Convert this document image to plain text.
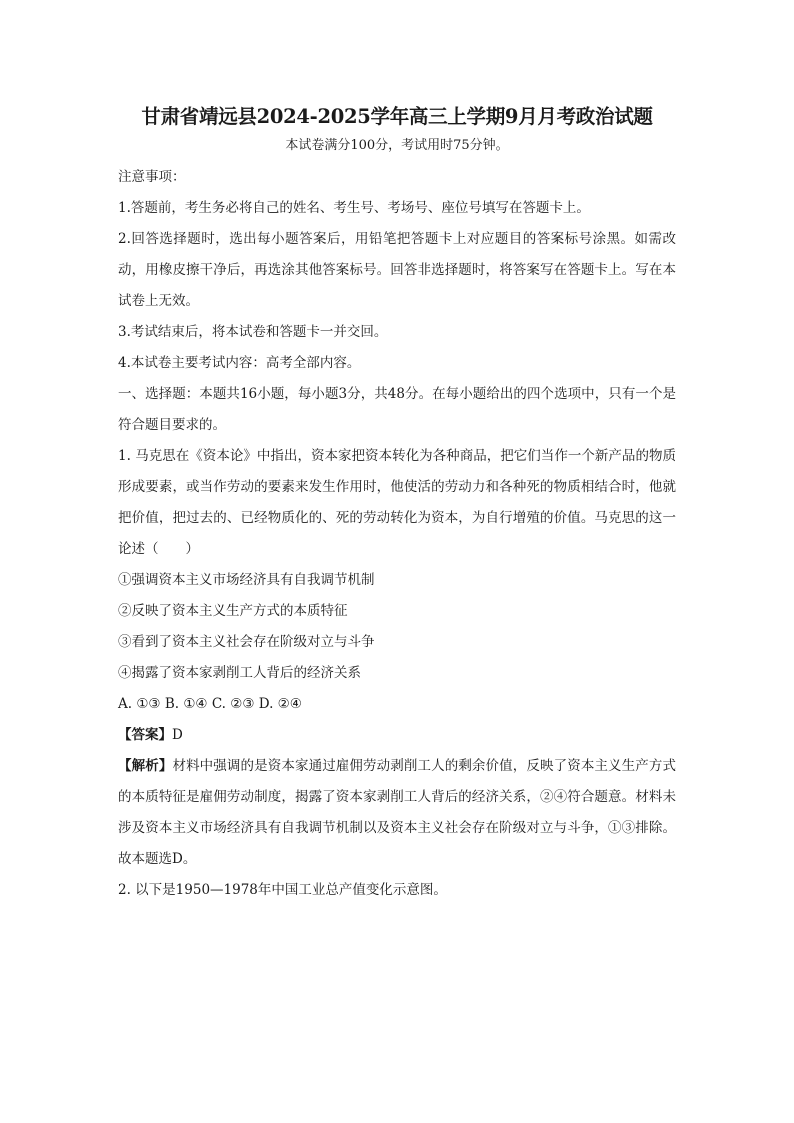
甘肃省靖远县2024-2025学年高三上学期9月月考政治试题
本试卷满分100分，考试用时75分钟。

注意事项：

1.答题前，考生务必将自己的姓名、考生号、考场号、座位号填写在答题卡上。

2.回答选择题时，选出每小题答案后，用铅笔把答题卡上对应题目的答案标号涂黑。如需改动，用橡皮擦干净后，再选涂其他答案标号。回答非选择题时，将答案写在答题卡上。写在本试卷上无效。

3.考试结束后，将本试卷和答题卡一并交回。

4.本试卷主要考试内容：高考全部内容。

一、选择题：本题共16小题，每小题3分，共48分。在每小题给出的四个选项中，只有一个是符合题目要求的。

1. 马克思在《资本论》中指出，资本家把资本转化为各种商品，把它们当作一个新产品的物质形成要素，或当作劳动的要素来发生作用时，他使活的劳动力和各种死的物质相结合时，他就把价值，把过去的、已经物质化的、死的劳动转化为资本，为自行增殖的价值。马克思的这一论述（　　）

①强调资本主义市场经济具有自我调节机制

②反映了资本主义生产方式的本质特征

③看到了资本主义社会存在阶级对立与斗争

④揭露了资本家剥削工人背后的经济关系

A. ①③ B. ①④ C. ②③ D. ②④

【答案】D

【解析】材料中强调的是资本家通过雇佣劳动剥削工人的剩余价值，反映了资本主义生产方式的本质特征是雇佣劳动制度，揭露了资本家剥削工人背后的经济关系，②④符合题意。材料未涉及资本主义市场经济具有自我调节机制以及资本主义社会存在阶级对立与斗争，①③排除。故本题选D。

2. 以下是1950—1978年中国工业总产值变化示意图。
